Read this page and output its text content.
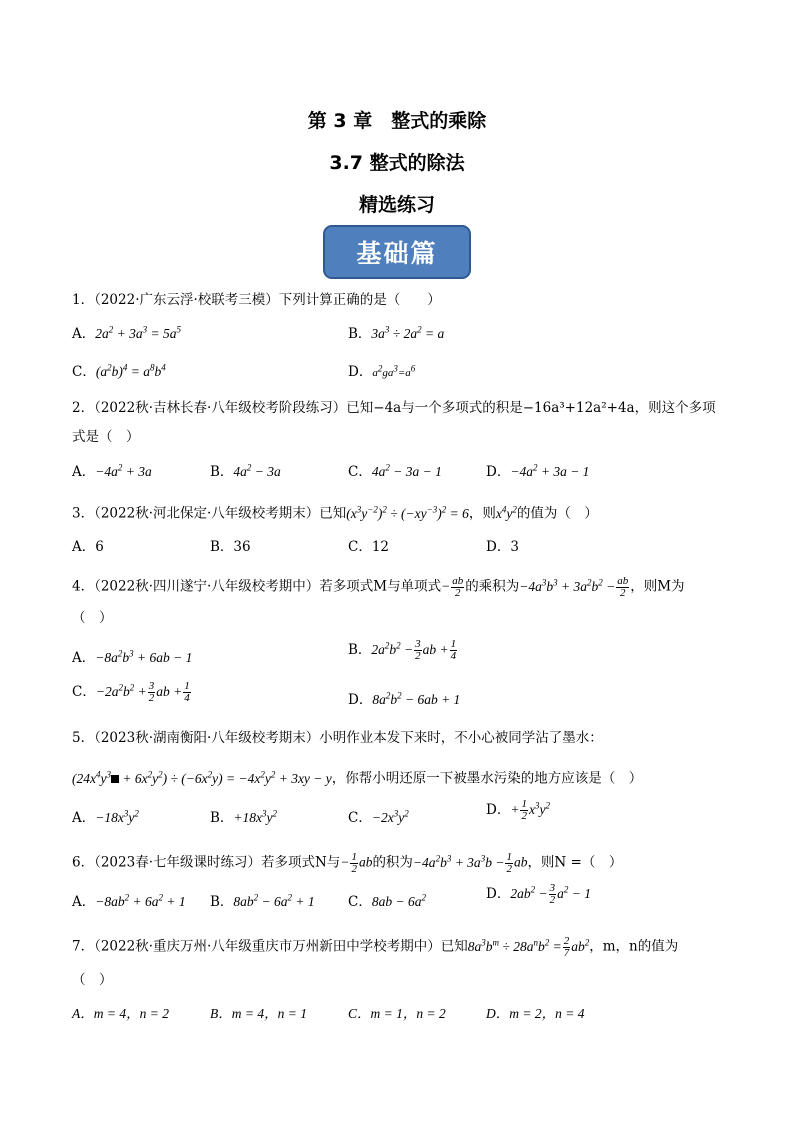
第 3 章　整式的乘除
3.7 整式的除法
精选练习
基础篇
1．（2022·广东云浮·校联考三模）下列计算正确的是（　　）
A．$2a^2 + 3a^3 = 5a^5$	B．$3a^3 \div 2a^2 = a$
C．$(a^2b)^4 = a^8b^4$	D．$a^2ga^3=a^6$
2．（2022秋·吉林长春·八年级校考阶段练习）已知−4a与一个多项式的积是−16a³+12a²+4a，则这个多项
式是（　）
A．$-4a^2 + 3a$	B．$4a^2 - 3a$	C．$4a^2 - 3a - 1$	D．$-4a^2 + 3a - 1$
3．（2022秋·河北保定·八年级校考期末）已知$(x^3y^{-2})^2 \div (-xy^{-3})^2 = 6$，则$x^4y^2$的值为（　）
A．6	B．36	C．12	D．3
4．（2022秋·四川遂宁·八年级校考期中）若多项式M与单项式− $\frac{ab}{2}$ 的乘积为$-4a^3b^3 + 3a^2b^2 - \frac{ab}{2}$ ，则M为
（　）
A．$-8a^2b^3 + 6ab - 1$	B．$2a^2b^2 - \frac{3}{2}$ ab + $\frac{1}{4}$
C．$-2a^2b^2 + \frac{3}{2}$ ab + $\frac{1}{4}$	D．$8a^2b^2 - 6ab + 1$
5．（2023秋·湖南衡阳·八年级校考期末）小明作业本发下来时，不小心被同学沾了墨水：
$(24x^4y^3 + 6x^2y^2) \div (-6x^2y) = -4x^2y^2 + 3xy - y$，你帮小明还原一下被墨水污染的地方应该是（　）
A．$-18x^3y^2$	B．$+18x^3y^2$	C．$-2x^3y^2$	D．+ $\frac{1}{2} x^3y^2$
6．（2023春·七年级课时练习）若多项式N与− $\frac{1}{2}$ ab的积为$-4a^2b^3 + 3a^3b - \frac{1}{2}$ ab，则N =（　）
A．$-8ab^2 + 6a^2 + 1$ B．$8ab^2 - 6a^2 + 1$ C．$8ab - 6a^2$	D．$2ab^2 - \frac{3}{2} a^2 - 1$
7．（2022秋·重庆万州·八年级重庆市万州新田中学校考期中）已知$8a^3b^m \div 28a^nb^2 = \frac{2}{7} ab^2$，m，n的值为
（　）
A．m = 4，n = 2	B．m = 4，n = 1	C．m = 1，n = 2	D．m = 2，n = 4
